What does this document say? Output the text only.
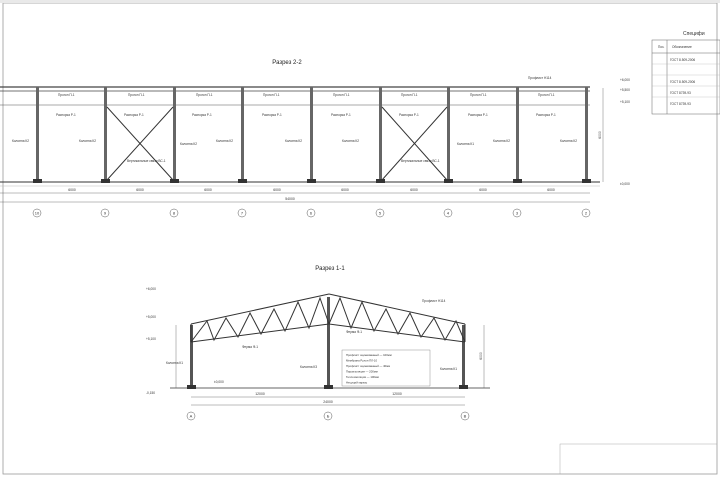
Разрез 2-2
Прогон П-1	Прогон П-1	Прогон П-1	Прогон П-1	Прогон П-1	Прогон П-1	Прогон П-1	Прогон П-1
Распорка Р-1	Распорка Р-1	Распорка Р-1	Распорка Р-1	Распорка Р-1	Распорка Р-1	Распорка Р-1	Распорка Р-1
Колонна К2	Колонна К2
Колонна К2
Колонна К2	Колонна К2	Колонна К2
Колонна К1
Колонна К2	Колонна К2
Вертикальные связи ВС-1	Вертикальные связи ВС-1
Профлист Н114	+6,000
+5,500
+5,100
±0,000
6000
6000	6000	6000	6000	6000	6000	6000	6000
54000
10	9	8	7	6	5	4	3	2
Специфи
Поз. Обозначение
ГОСТ 8.509-2006
ГОСТ 8.509-2006
ГОСТ 8739-93
ГОСТ 8739-93
Разрез 1-1
Ферма Ф-1
Ферма Ф-1
Профлист Н114
Колонна К1
Колонна К3	Колонна К1
Профлист оцинкованный — 100мм
Мембрана Рулон ПЛ-10
Профлист оцинкованный — 40мм
Пароизоляция — 200мм
Теплоизоляция — 100мм
Несущий каркас
+6,000
+5,000
+5,100
±0,000
-0,150
6000
12000	12000
24000
А	Б	В
